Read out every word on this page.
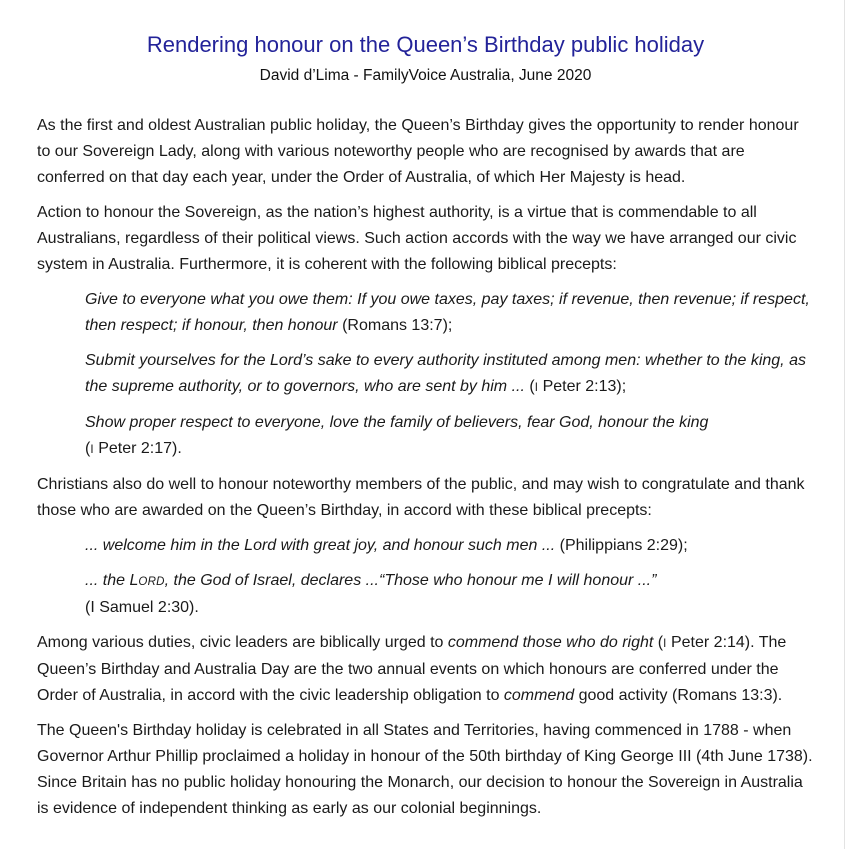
Rendering honour on the Queen’s Birthday public holiday
David d’Lima - FamilyVoice Australia, June 2020

As the first and oldest Australian public holiday, the Queen’s Birthday gives the opportunity to render honour to our Sovereign Lady, along with various noteworthy people who are recognised by awards that are conferred on that day each year, under the Order of Australia, of which Her Majesty is head.

Action to honour the Sovereign, as the nation’s highest authority, is a virtue that is commendable to all Australians, regardless of their political views. Such action accords with the way we have arranged our civic system in Australia. Furthermore, it is coherent with the following biblical precepts:

Give to everyone what you owe them: If you owe taxes, pay taxes; if revenue, then revenue; if respect, then respect; if honour, then honour (Romans 13:7);

Submit yourselves for the Lord’s sake to every authority instituted among men: whether to the king, as the supreme authority, or to governors, who are sent by him ... (I Peter 2:13);

Show proper respect to everyone, love the family of believers, fear God, honour the king
(I Peter 2:17).

Christians also do well to honour noteworthy members of the public, and may wish to congratulate and thank those who are awarded on the Queen’s Birthday, in accord with these biblical precepts:

... welcome him in the Lord with great joy, and honour such men ... (Philippians 2:29);

... the LORD, the God of Israel, declares ...“Those who honour me I will honour ...”
(I Samuel 2:30).

Among various duties, civic leaders are biblically urged to commend those who do right (I Peter 2:14). The Queen’s Birthday and Australia Day are the two annual events on which honours are conferred under the Order of Australia, in accord with the civic leadership obligation to commend good activity (Romans 13:3).

The Queen's Birthday holiday is celebrated in all States and Territories, having commenced in 1788 - when Governor Arthur Phillip proclaimed a holiday in honour of the 50th birthday of King George III (4th June 1738). Since Britain has no public holiday honouring the Monarch, our decision to honour the Sovereign in Australia is evidence of independent thinking as early as our colonial beginnings.
